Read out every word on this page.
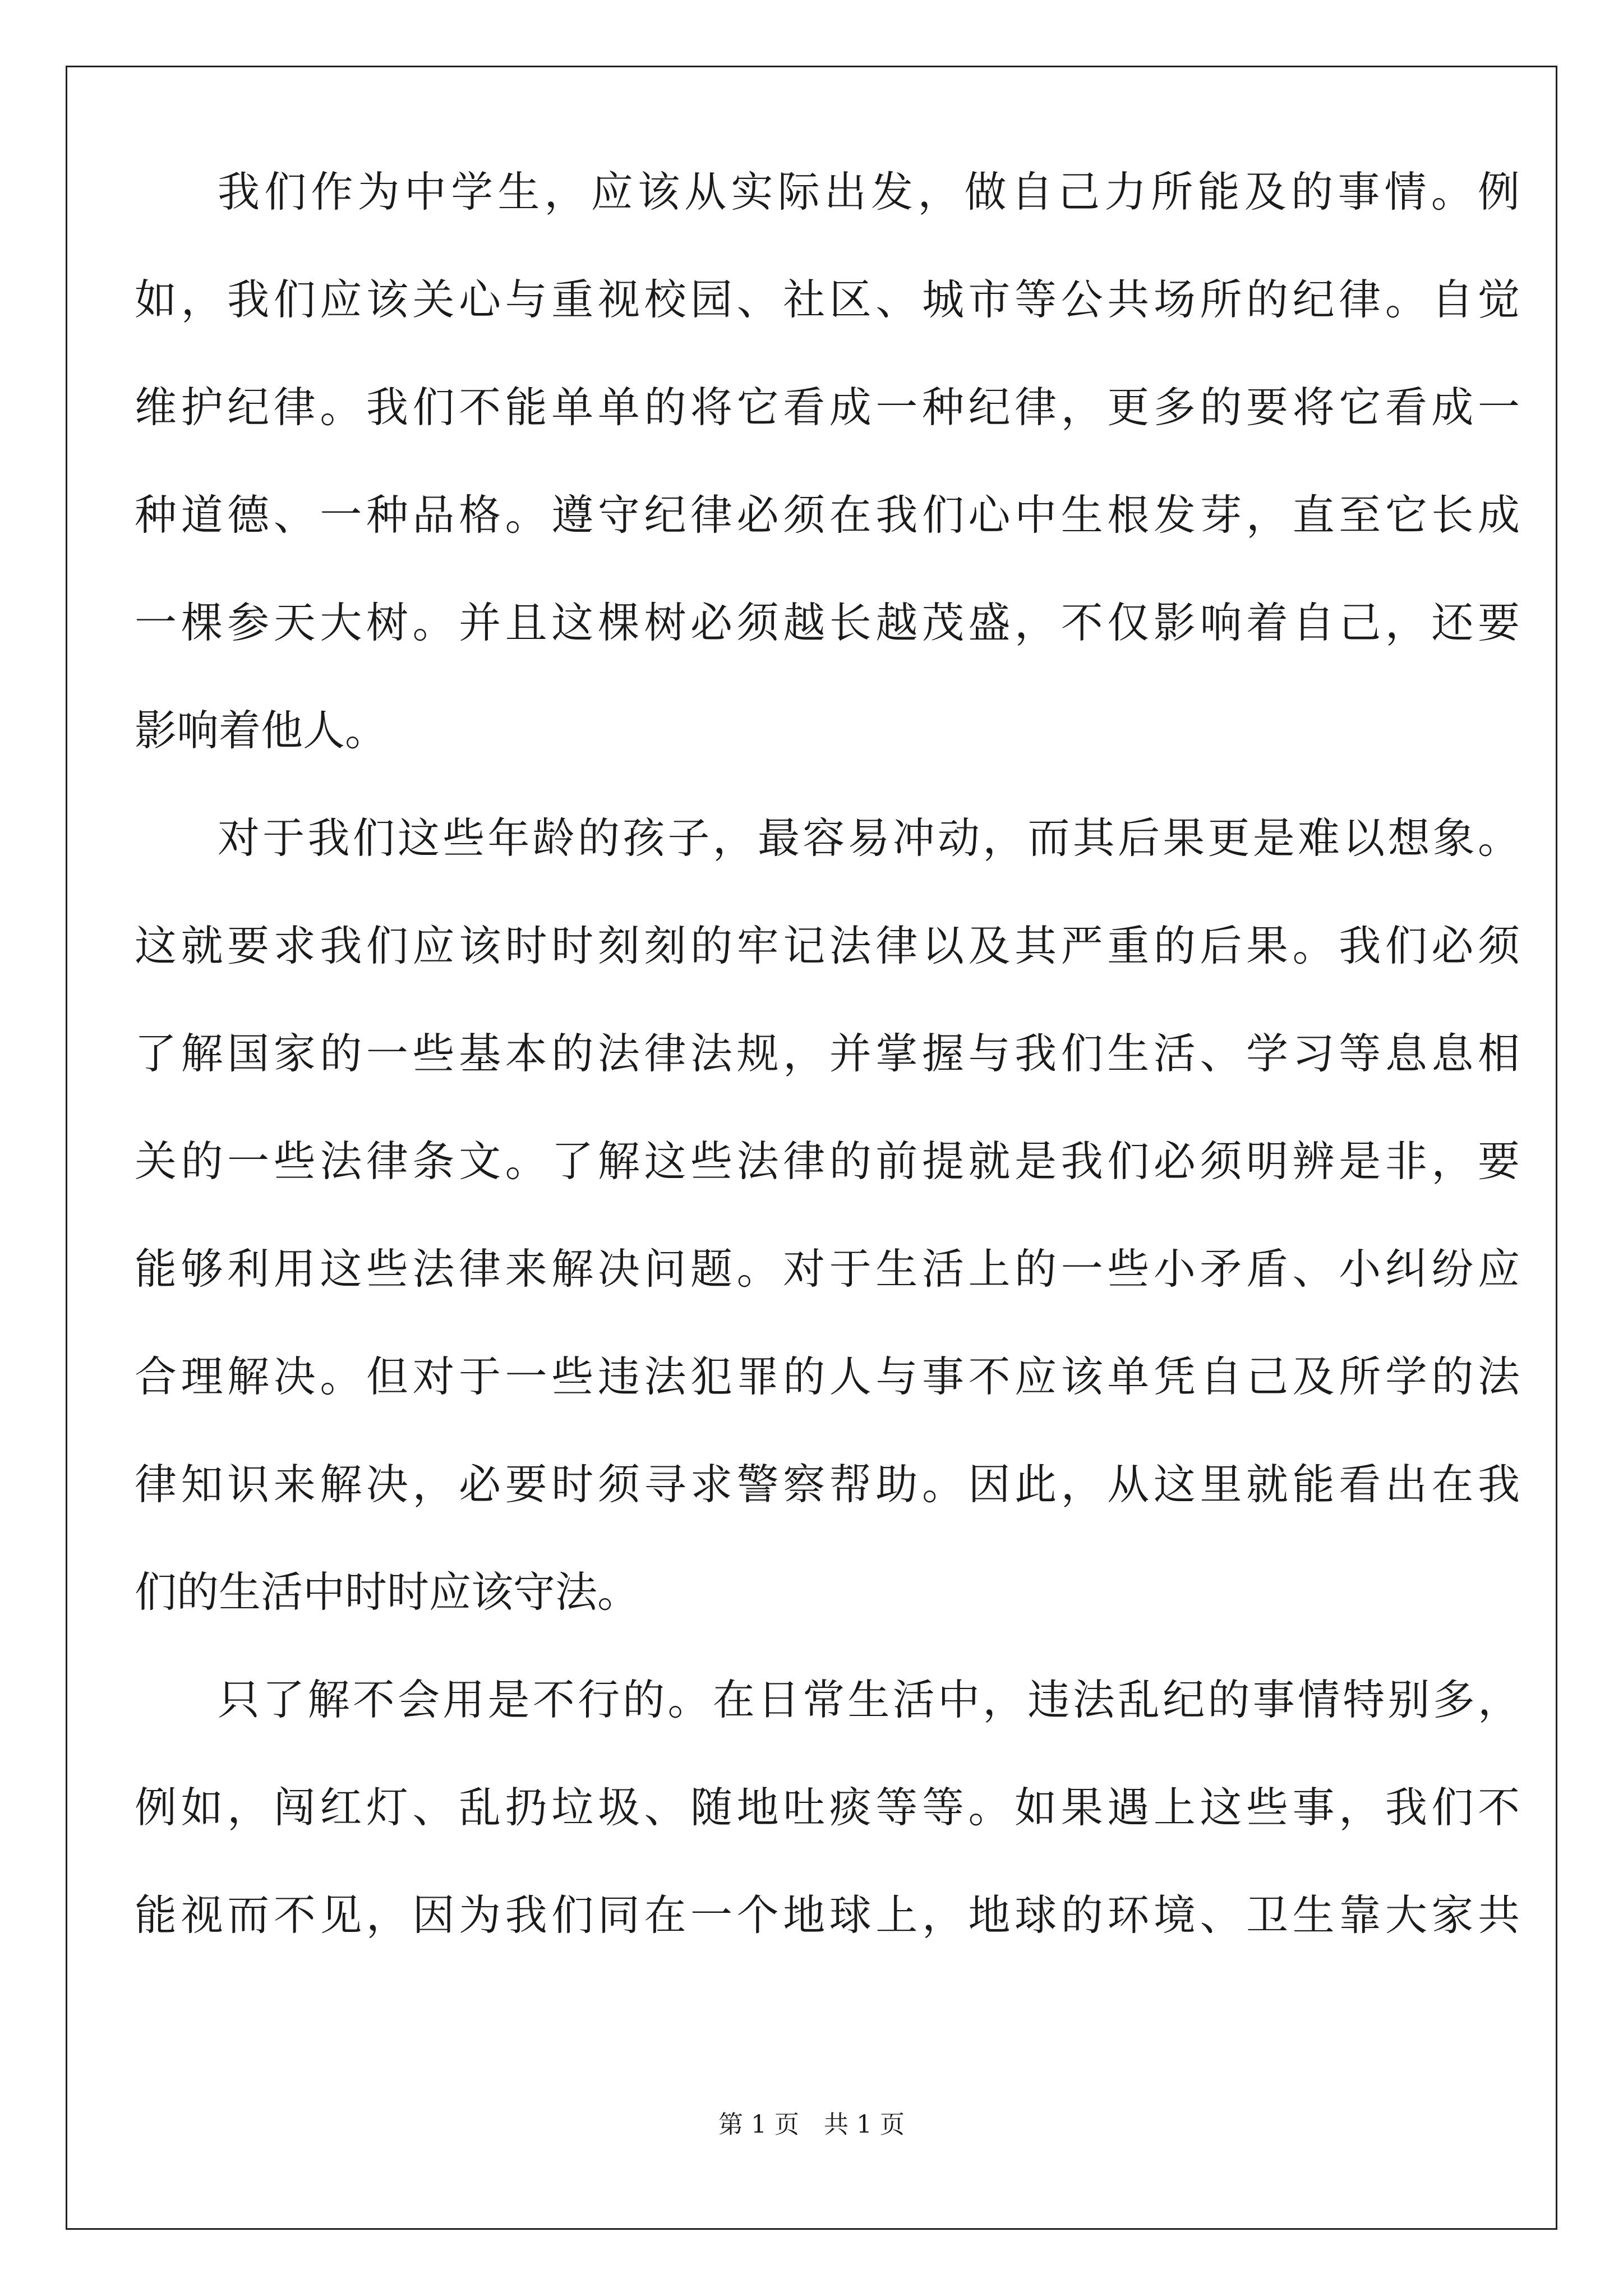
我们作为中学生，应该从实际出发，做自己力所能及的事情。例
如，我们应该关心与重视校园、社区、城市等公共场所的纪律。自觉
维护纪律。我们不能单单的将它看成一种纪律，更多的要将它看成一
种道德、一种品格。遵守纪律必须在我们心中生根发芽，直至它长成
一棵参天大树。并且这棵树必须越长越茂盛，不仅影响着自己，还要
影响着他人。
对于我们这些年龄的孩子，最容易冲动，而其后果更是难以想象。
这就要求我们应该时时刻刻的牢记法律以及其严重的后果。我们必须
了解国家的一些基本的法律法规，并掌握与我们生活、学习等息息相
关的一些法律条文。了解这些法律的前提就是我们必须明辨是非，要
能够利用这些法律来解决问题。对于生活上的一些小矛盾、小纠纷应
合理解决。但对于一些违法犯罪的人与事不应该单凭自己及所学的法
律知识来解决，必要时须寻求警察帮助。因此，从这里就能看出在我
们的生活中时时应该守法。
只了解不会用是不行的。在日常生活中，违法乱纪的事情特别多，
例如，闯红灯、乱扔垃圾、随地吐痰等等。如果遇上这些事，我们不
能视而不见，因为我们同在一个地球上，地球的环境、卫生靠大家共
第 1 页　共 1 页
